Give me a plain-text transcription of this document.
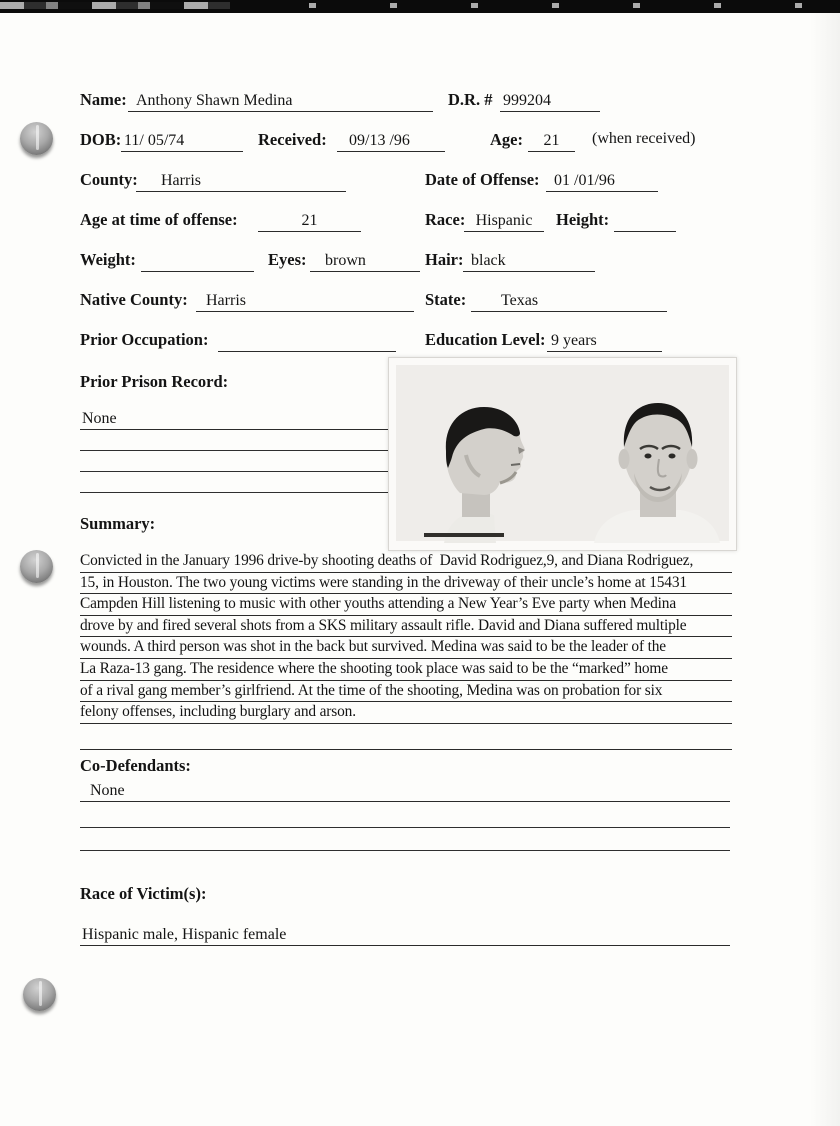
Name: Anthony Shawn Medina	D.R. # 999204
DOB: 11/ 05/74	Received:	09/13 /96	Age:	21	(when received)
County:	Harris	Date of Offense: 01 /01/96
Age at time of offense:	21	Race: Hispanic	Height:
Weight:	Eyes:	brown	Hair: black
Native County:	Harris	State:	Texas
Prior Occupation:	Education Level: 9 years
Prior Prison Record:
None
Summary:
Convicted in the January 1996 drive-by shooting deaths of  David Rodriguez,9, and Diana Rodriguez,
15, in Houston. The two young victims were standing in the driveway of their uncle’s home at 15431
Campden Hill listening to music with other youths attending a New Year’s Eve party when Medina
drove by and fired several shots from a SKS military assault rifle. David and Diana suffered multiple
wounds. A third person was shot in the back but survived. Medina was said to be the leader of the
La Raza-13 gang. The residence where the shooting took place was said to be the “marked” home
of a rival gang member’s girlfriend. At the time of the shooting, Medina was on probation for six
felony offenses, including burglary and arson.
Co-Defendants:
None
Race of Victim(s):
Hispanic male, Hispanic female
